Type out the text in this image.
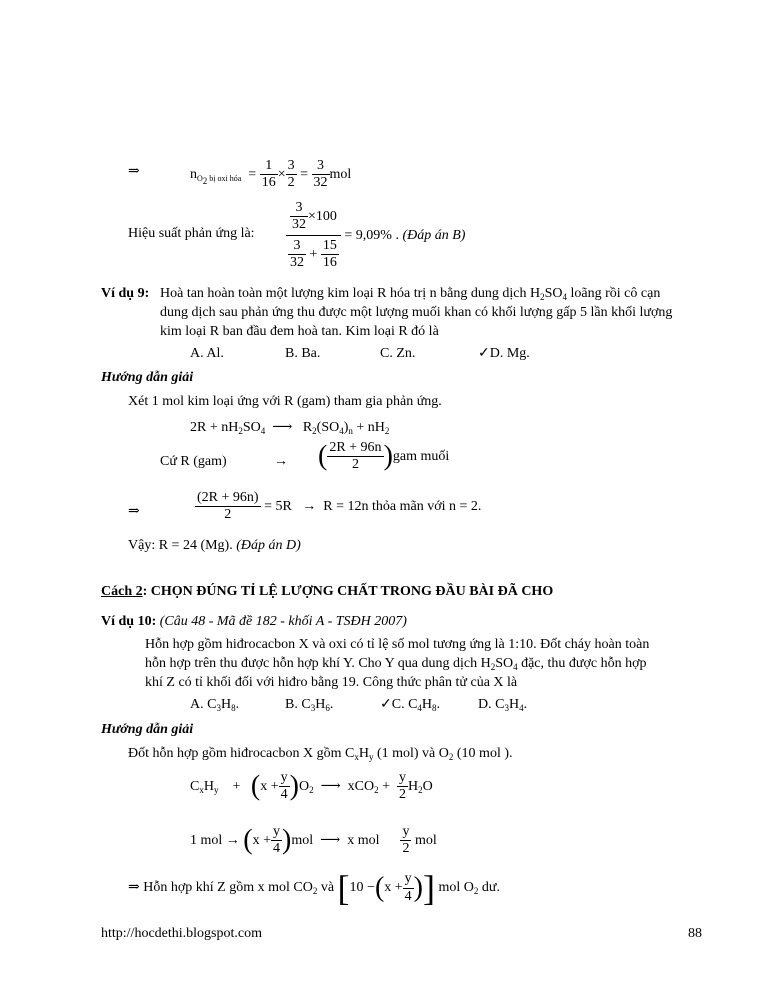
⇒	$n_{O_2 bị oxi hóa} = \frac{1}{16} \times \frac{3}{2} = \frac{3}{32}$ mol
Hiệu suất phản ứng là: $\frac{\frac{3}{32} \times 100}{\frac{3}{32} + \frac{15}{16}} = 9,09\%$ . (Đáp án B)
Ví dụ 9: Hoà tan hoàn toàn một lượng kim loại R hóa trị n bằng dung dịch $H_2SO_4$ loãng rồi cô cạn
dung dịch sau phản ứng thu được một lượng muối khan có khối lượng gấp 5 lần khối lượng
kim loại R ban đầu đem hoà tan. Kim loại R đó là
A. Al.	B. Ba.	C. Zn.	✓D. Mg.
Hướng dẫn giải
Xét 1 mol kim loại ứng với R (gam) tham gia phản ứng.
$2R + nH_2SO_4$ ⟶ $R_2(SO_4)_n + nH_2$
Cứ R (gam)	→ ( $\frac{2R + 96n}{2} )gam$ muối
⇒	$\frac{(2R + 96n)}{2} = 5R \to R = 12n$ thỏa mãn với n = 2.
Vậy: R = 24 (Mg). (Đáp án D)
Cách 2: CHỌN ĐÚNG TỈ LỆ LƯỢNG CHẤT TRONG ĐẦU BÀI ĐÃ CHO
Ví dụ 10: (Câu 48 - Mã đề 182 - khối A - TSĐH 2007)
Hỗn hợp gồm hiđrocacbon X và oxi có tỉ lệ số mol tương ứng là 1:10. Đốt cháy hoàn toàn
hỗn hợp trên thu được hỗn hợp khí Y. Cho Y qua dung dịch $H_2SO_4$ đặc, thu được hỗn hợp
khí Z có tỉ khối đối với hiđro bằng 19. Công thức phân tử của X là
A. $C_3H_8$.	B. $C_3H_6$.	✓C. $C_4H_8$.	D. $C_3H_4$.
Hướng dẫn giải
Đốt hỗn hợp gồm hiđrocacbon X gồm $C_xH_y$ (1 mol) và $O_2$ (10 mol ).
$C_xH_y + (x + \frac{y}{4} )O_2$ ⟶ $xCO_2 + \frac{y}{2} H_2O$
1 mol → $(x + \frac{y}{4} )mol$ ⟶ x mol $\frac{y}{2}$ mol
⇒ Hỗn hợp khí Z gồm x mol $CO_2$ và [$10 -(x + \frac{y}{4}$ )] mol $O_2$ dư.
http://hocdethi.blogspot.com	88
